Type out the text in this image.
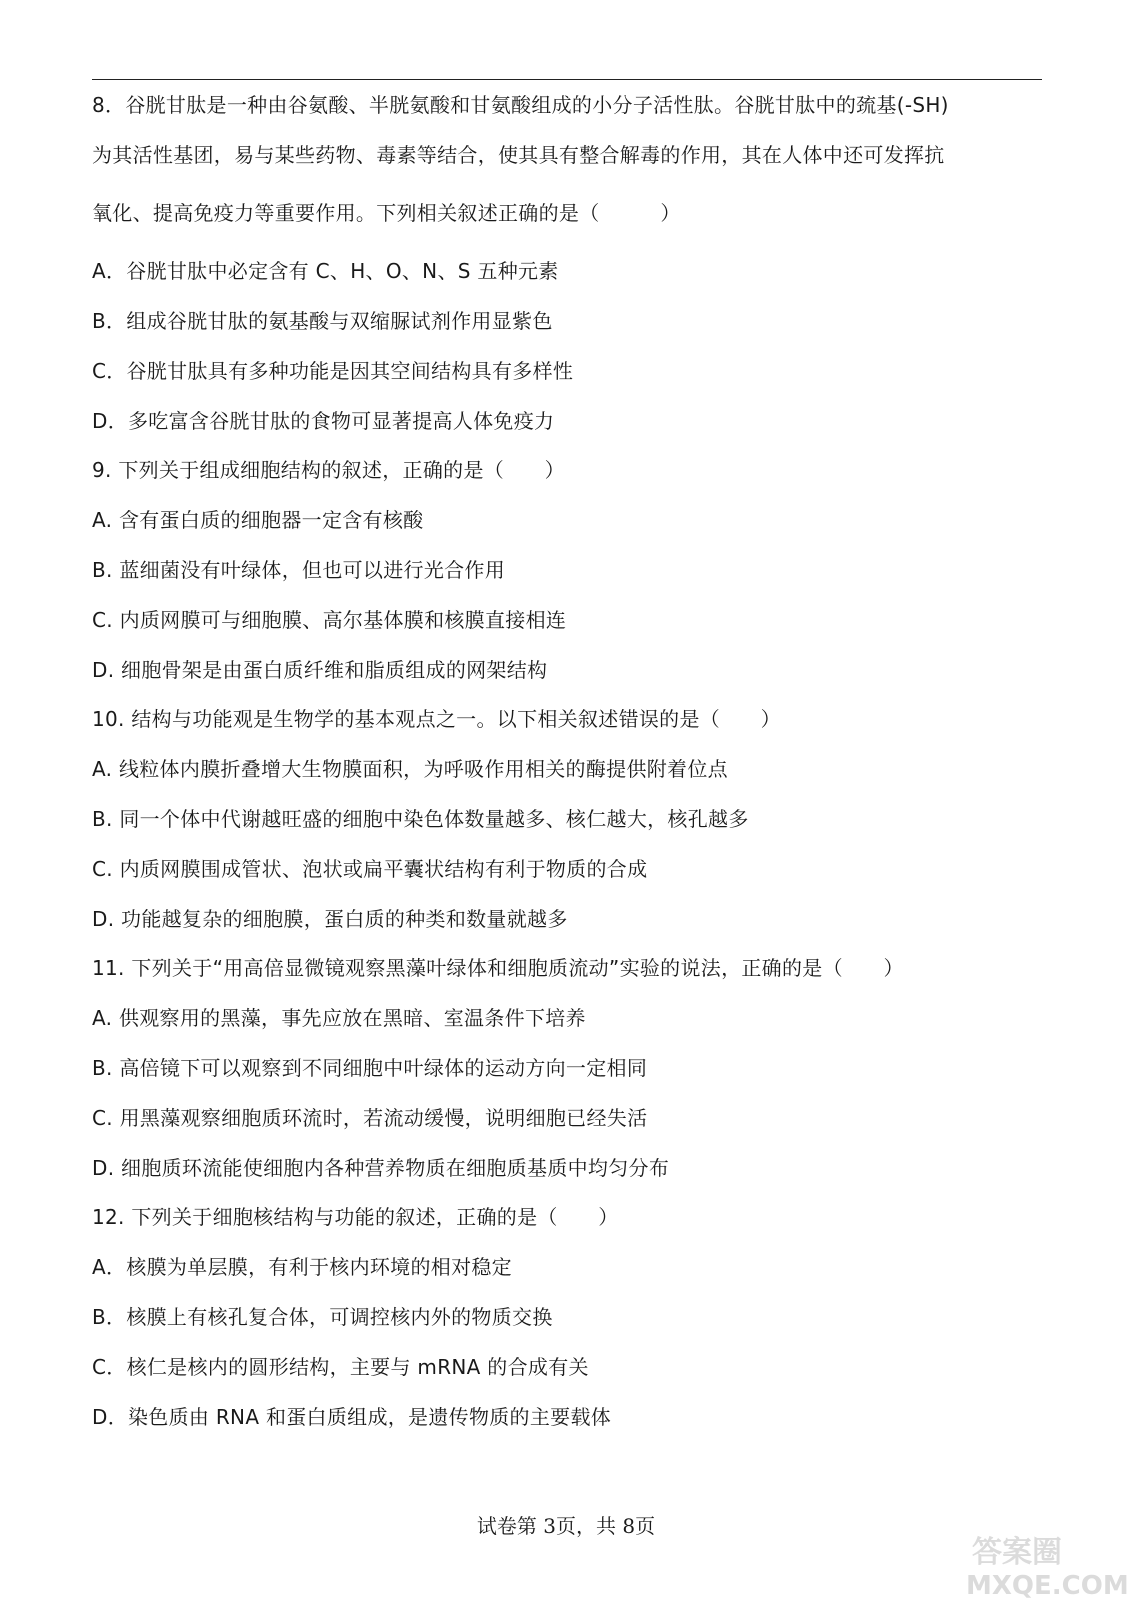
8．谷胱甘肽是一种由谷氨酸、半胱氨酸和甘氨酸组成的小分子活性肽。谷胱甘肽中的巯基(-SH)
为其活性基团，易与某些药物、毒素等结合，使其具有整合解毒的作用，其在人体中还可发挥抗
氧化、提高免疫力等重要作用。下列相关叙述正确的是（　　　）
A．谷胱甘肽中必定含有 C、H、O、N、S 五种元素
B．组成谷胱甘肽的氨基酸与双缩脲试剂作用显紫色
C．谷胱甘肽具有多种功能是因其空间结构具有多样性
D．多吃富含谷胱甘肽的食物可显著提高人体免疫力
9. 下列关于组成细胞结构的叙述，正确的是（　　）
A. 含有蛋白质的细胞器一定含有核酸
B. 蓝细菌没有叶绿体，但也可以进行光合作用
C. 内质网膜可与细胞膜、高尔基体膜和核膜直接相连
D. 细胞骨架是由蛋白质纤维和脂质组成的网架结构
10. 结构与功能观是生物学的基本观点之一。以下相关叙述错误的是（　　）
A. 线粒体内膜折叠增大生物膜面积，为呼吸作用相关的酶提供附着位点
B. 同一个体中代谢越旺盛的细胞中染色体数量越多、核仁越大，核孔越多
C. 内质网膜围成管状、泡状或扁平囊状结构有利于物质的合成
D. 功能越复杂的细胞膜，蛋白质的种类和数量就越多
11. 下列关于“用高倍显微镜观察黑藻叶绿体和细胞质流动”实验的说法，正确的是（　　）
A. 供观察用的黑藻，事先应放在黑暗、室温条件下培养
B. 高倍镜下可以观察到不同细胞中叶绿体的运动方向一定相同
C. 用黑藻观察细胞质环流时，若流动缓慢，说明细胞已经失活
D. 细胞质环流能使细胞内各种营养物质在细胞质基质中均匀分布
12. 下列关于细胞核结构与功能的叙述，正确的是（　　）
A．核膜为单层膜，有利于核内环境的相对稳定
B．核膜上有核孔复合体，可调控核内外的物质交换
C．核仁是核内的圆形结构，主要与 mRNA 的合成有关
D．染色质由 RNA 和蛋白质组成，是遗传物质的主要载体
试卷第 3页，共 8页
答案圈
MXQE.COM
